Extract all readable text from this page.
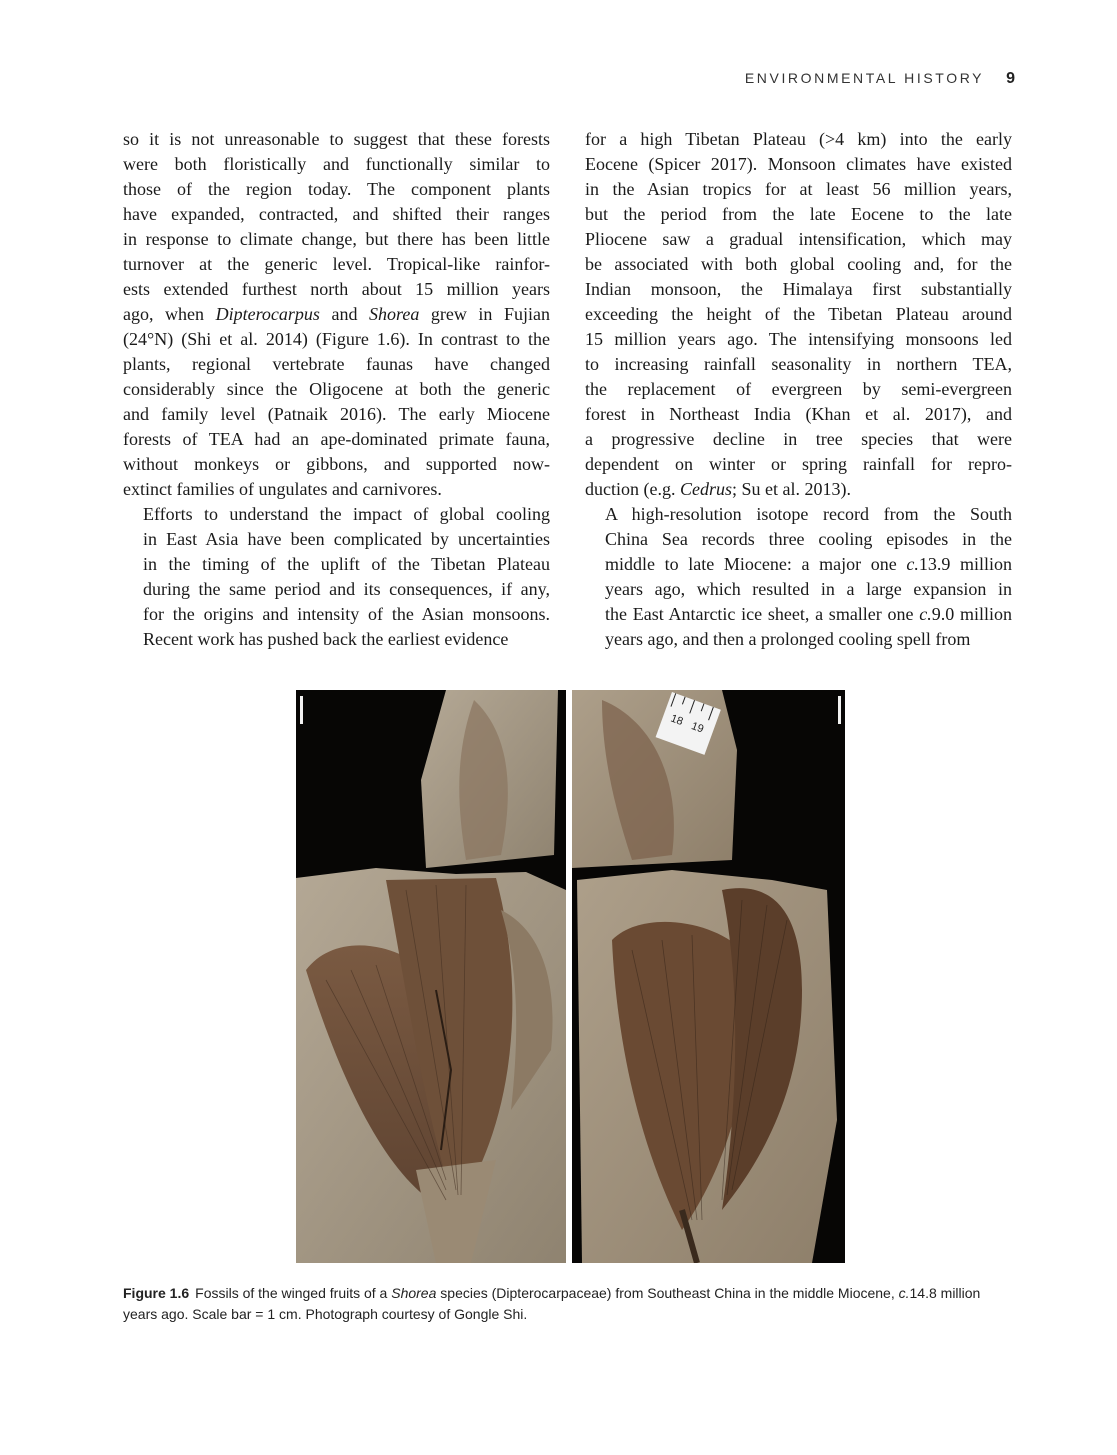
ENVIRONMENTAL HISTORY 9

so it is not unreasonable to suggest that these forests
were both floristically and functionally similar to
those of the region today. The component plants
have expanded, contracted, and shifted their ranges
in response to climate change, but there has been little
turnover at the generic level. Tropical-like rainfor-
ests extended furthest north about 15 million years
ago, when Dipterocarpus and Shorea grew in Fujian
(24°N) (Shi et al. 2014) (Figure 1.6). In contrast to the
plants, regional vertebrate faunas have changed
considerably since the Oligocene at both the generic
and family level (Patnaik 2016). The early Miocene
forests of TEA had an ape-dominated primate fauna,
without monkeys or gibbons, and supported now-
extinct families of ungulates and carnivores.

Efforts to understand the impact of global cooling
in East Asia have been complicated by uncertainties
in the timing of the uplift of the Tibetan Plateau
during the same period and its consequences, if any,
for the origins and intensity of the Asian monsoons.
Recent work has pushed back the earliest evidence

for a high Tibetan Plateau (>4 km) into the early
Eocene (Spicer 2017). Monsoon climates have existed
in the Asian tropics for at least 56 million years,
but the period from the late Eocene to the late
Pliocene saw a gradual intensification, which may
be associated with both global cooling and, for the
Indian monsoon, the Himalaya first substantially
exceeding the height of the Tibetan Plateau around
15 million years ago. The intensifying monsoons led
to increasing rainfall seasonality in northern TEA,
the replacement of evergreen by semi-evergreen
forest in Northeast India (Khan et al. 2017), and
a progressive decline in tree species that were
dependent on winter or spring rainfall for repro-
duction (e.g. Cedrus; Su et al. 2013).

A high-resolution isotope record from the South
China Sea records three cooling episodes in the
middle to late Miocene: a major one c.13.9 million
years ago, which resulted in a large expansion in
the East Antarctic ice sheet, a smaller one c.9.0 million
years ago, and then a prolonged cooling spell from

18 19
Figure 1.6 Fossils of the winged fruits of a Shorea species (Dipterocarpaceae) from Southeast China in the middle Miocene, c.14.8 million years ago. Scale bar = 1 cm. Photograph courtesy of Gongle Shi.
